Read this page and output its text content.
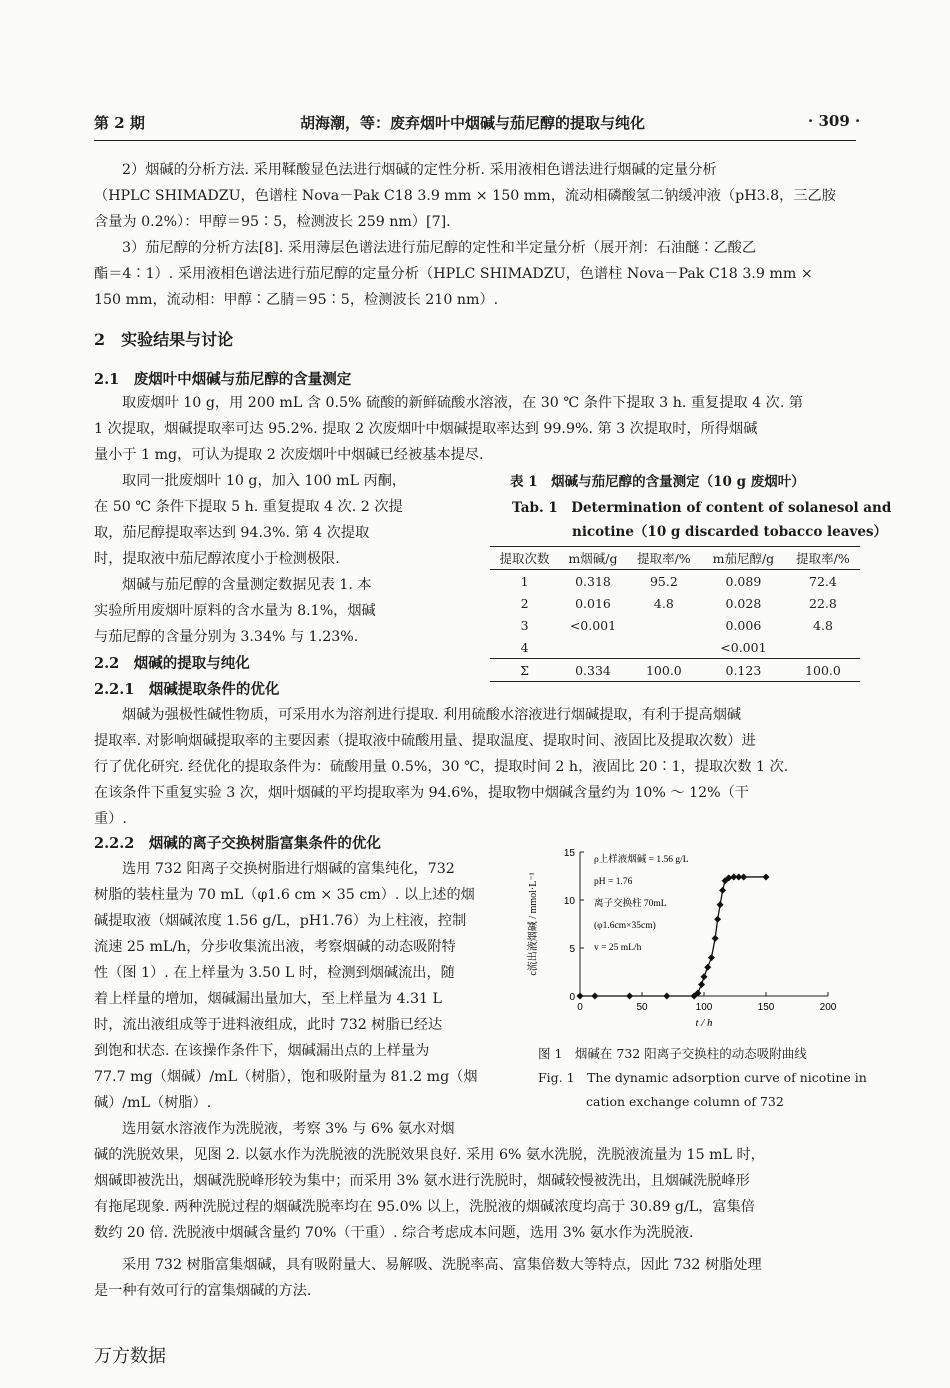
第 2 期	胡海潮，等：废弃烟叶中烟碱与茄尼醇的提取与纯化	· 309 ·
2）烟碱的分析方法. 采用鞣酸显色法进行烟碱的定性分析. 采用液相色谱法进行烟碱的定量分析
（HPLC SHIMADZU，色谱柱 Nova－Pak C18 3.9 mm × 150 mm，流动相磷酸氢二钠缓冲液（pH3.8，三乙胺
含量为 0.2%）：甲醇＝95∶5，检测波长 259 nm）[7].
3）茄尼醇的分析方法[8]. 采用薄层色谱法进行茄尼醇的定性和半定量分析（展开剂：石油醚∶乙酸乙
酯＝4∶1）. 采用液相色谱法进行茄尼醇的定量分析（HPLC SHIMADZU，色谱柱 Nova－Pak C18 3.9 mm ×
150 mm，流动相：甲醇∶乙腈＝95∶5，检测波长 210 nm）.
2　实验结果与讨论
2.1　废烟叶中烟碱与茄尼醇的含量测定
取废烟叶 10 g，用 200 mL 含 0.5% 硫酸的新鲜硫酸水溶液，在 30 ℃ 条件下提取 3 h. 重复提取 4 次. 第
1 次提取，烟碱提取率可达 95.2%. 提取 2 次废烟叶中烟碱提取率达到 99.9%. 第 3 次提取时，所得烟碱
量小于 1 mg，可认为提取 2 次废烟叶中烟碱已经被基本提尽.
取同一批废烟叶 10 g，加入 100 mL 丙酮，
在 50 ℃ 条件下提取 5 h. 重复提取 4 次. 2 次提
取，茄尼醇提取率达到 94.3%. 第 4 次提取
时，提取液中茄尼醇浓度小于检测极限.
烟碱与茄尼醇的含量测定数据见表 1. 本
实验所用废烟叶原料的含水量为 8.1%，烟碱
与茄尼醇的含量分别为 3.34% 与 1.23%.
2.2　烟碱的提取与纯化
2.2.1　烟碱提取条件的优化
表 1　烟碱与茄尼醇的含量测定（10 g 废烟叶）
Tab. 1　Determination of content of solanesol and
nicotine（10 g discarded tobacco leaves）
提取次数	m烟碱/g	提取率/%	m茄尼醇/g	提取率/%
1	0.318	95.2	0.089	72.4
2	0.016	4.8	0.028	22.8
3	<0.001		0.006	4.8
4			<0.001	
Σ	0.334	100.0	0.123	100.0
烟碱为强极性碱性物质，可采用水为溶剂进行提取. 利用硫酸水溶液进行烟碱提取，有利于提高烟碱
提取率. 对影响烟碱提取率的主要因素（提取液中硫酸用量、提取温度、提取时间、液固比及提取次数）进
行了优化研究. 经优化的提取条件为：硫酸用量 0.5%，30 ℃，提取时间 2 h，液固比 20∶1，提取次数 1 次.
在该条件下重复实验 3 次，烟叶烟碱的平均提取率为 94.6%，提取物中烟碱含量约为 10% ～ 12%（干
重）.
2.2.2　烟碱的离子交换树脂富集条件的优化
选用 732 阳离子交换树脂进行烟碱的富集纯化，732
树脂的装柱量为 70 mL（φ1.6 cm × 35 cm）. 以上述的烟
碱提取液（烟碱浓度 1.56 g/L，pH1.76）为上柱液，控制
流速 25 mL/h，分步收集流出液，考察烟碱的动态吸附特
性（图 1）. 在上样量为 3.50 L 时，检测到烟碱流出，随
着上样量的增加，烟碱漏出量加大，至上样量为 4.31 L
时，流出液组成等于进料液组成，此时 732 树脂已经达
到饱和状态. 在该操作条件下，烟碱漏出点的上样量为
77.7 mg（烟碱）/mL（树脂），饱和吸附量为 81.2 mg（烟
碱）/mL（树脂）.
0	50	100	150	200
0
5
10
15
t / h
c流出液烟碱 / mmol·L⁻¹
ρ上样液烟碱 = 1.56 g/L
pH = 1.76
离子交换柱 70mL
(φ1.6cm×35cm)
v = 25 mL/h
图 1　烟碱在 732 阳离子交换柱的动态吸附曲线
Fig. 1　The dynamic adsorption curve of nicotine in
cation exchange column of 732
选用氨水溶液作为洗脱液，考察 3% 与 6% 氨水对烟
碱的洗脱效果，见图 2. 以氨水作为洗脱液的洗脱效果良好. 采用 6% 氨水洗脱，洗脱液流量为 15 mL 时，
烟碱即被洗出，烟碱洗脱峰形较为集中；而采用 3% 氨水进行洗脱时，烟碱较慢被洗出，且烟碱洗脱峰形
有拖尾现象. 两种洗脱过程的烟碱洗脱率均在 95.0% 以上，洗脱液的烟碱浓度均高于 30.89 g/L，富集倍
数约 20 倍. 洗脱液中烟碱含量约 70%（干重）. 综合考虑成本问题，选用 3% 氨水作为洗脱液.
采用 732 树脂富集烟碱，具有吸附量大、易解吸、洗脱率高、富集倍数大等特点，因此 732 树脂处理
是一种有效可行的富集烟碱的方法.
万方数据
